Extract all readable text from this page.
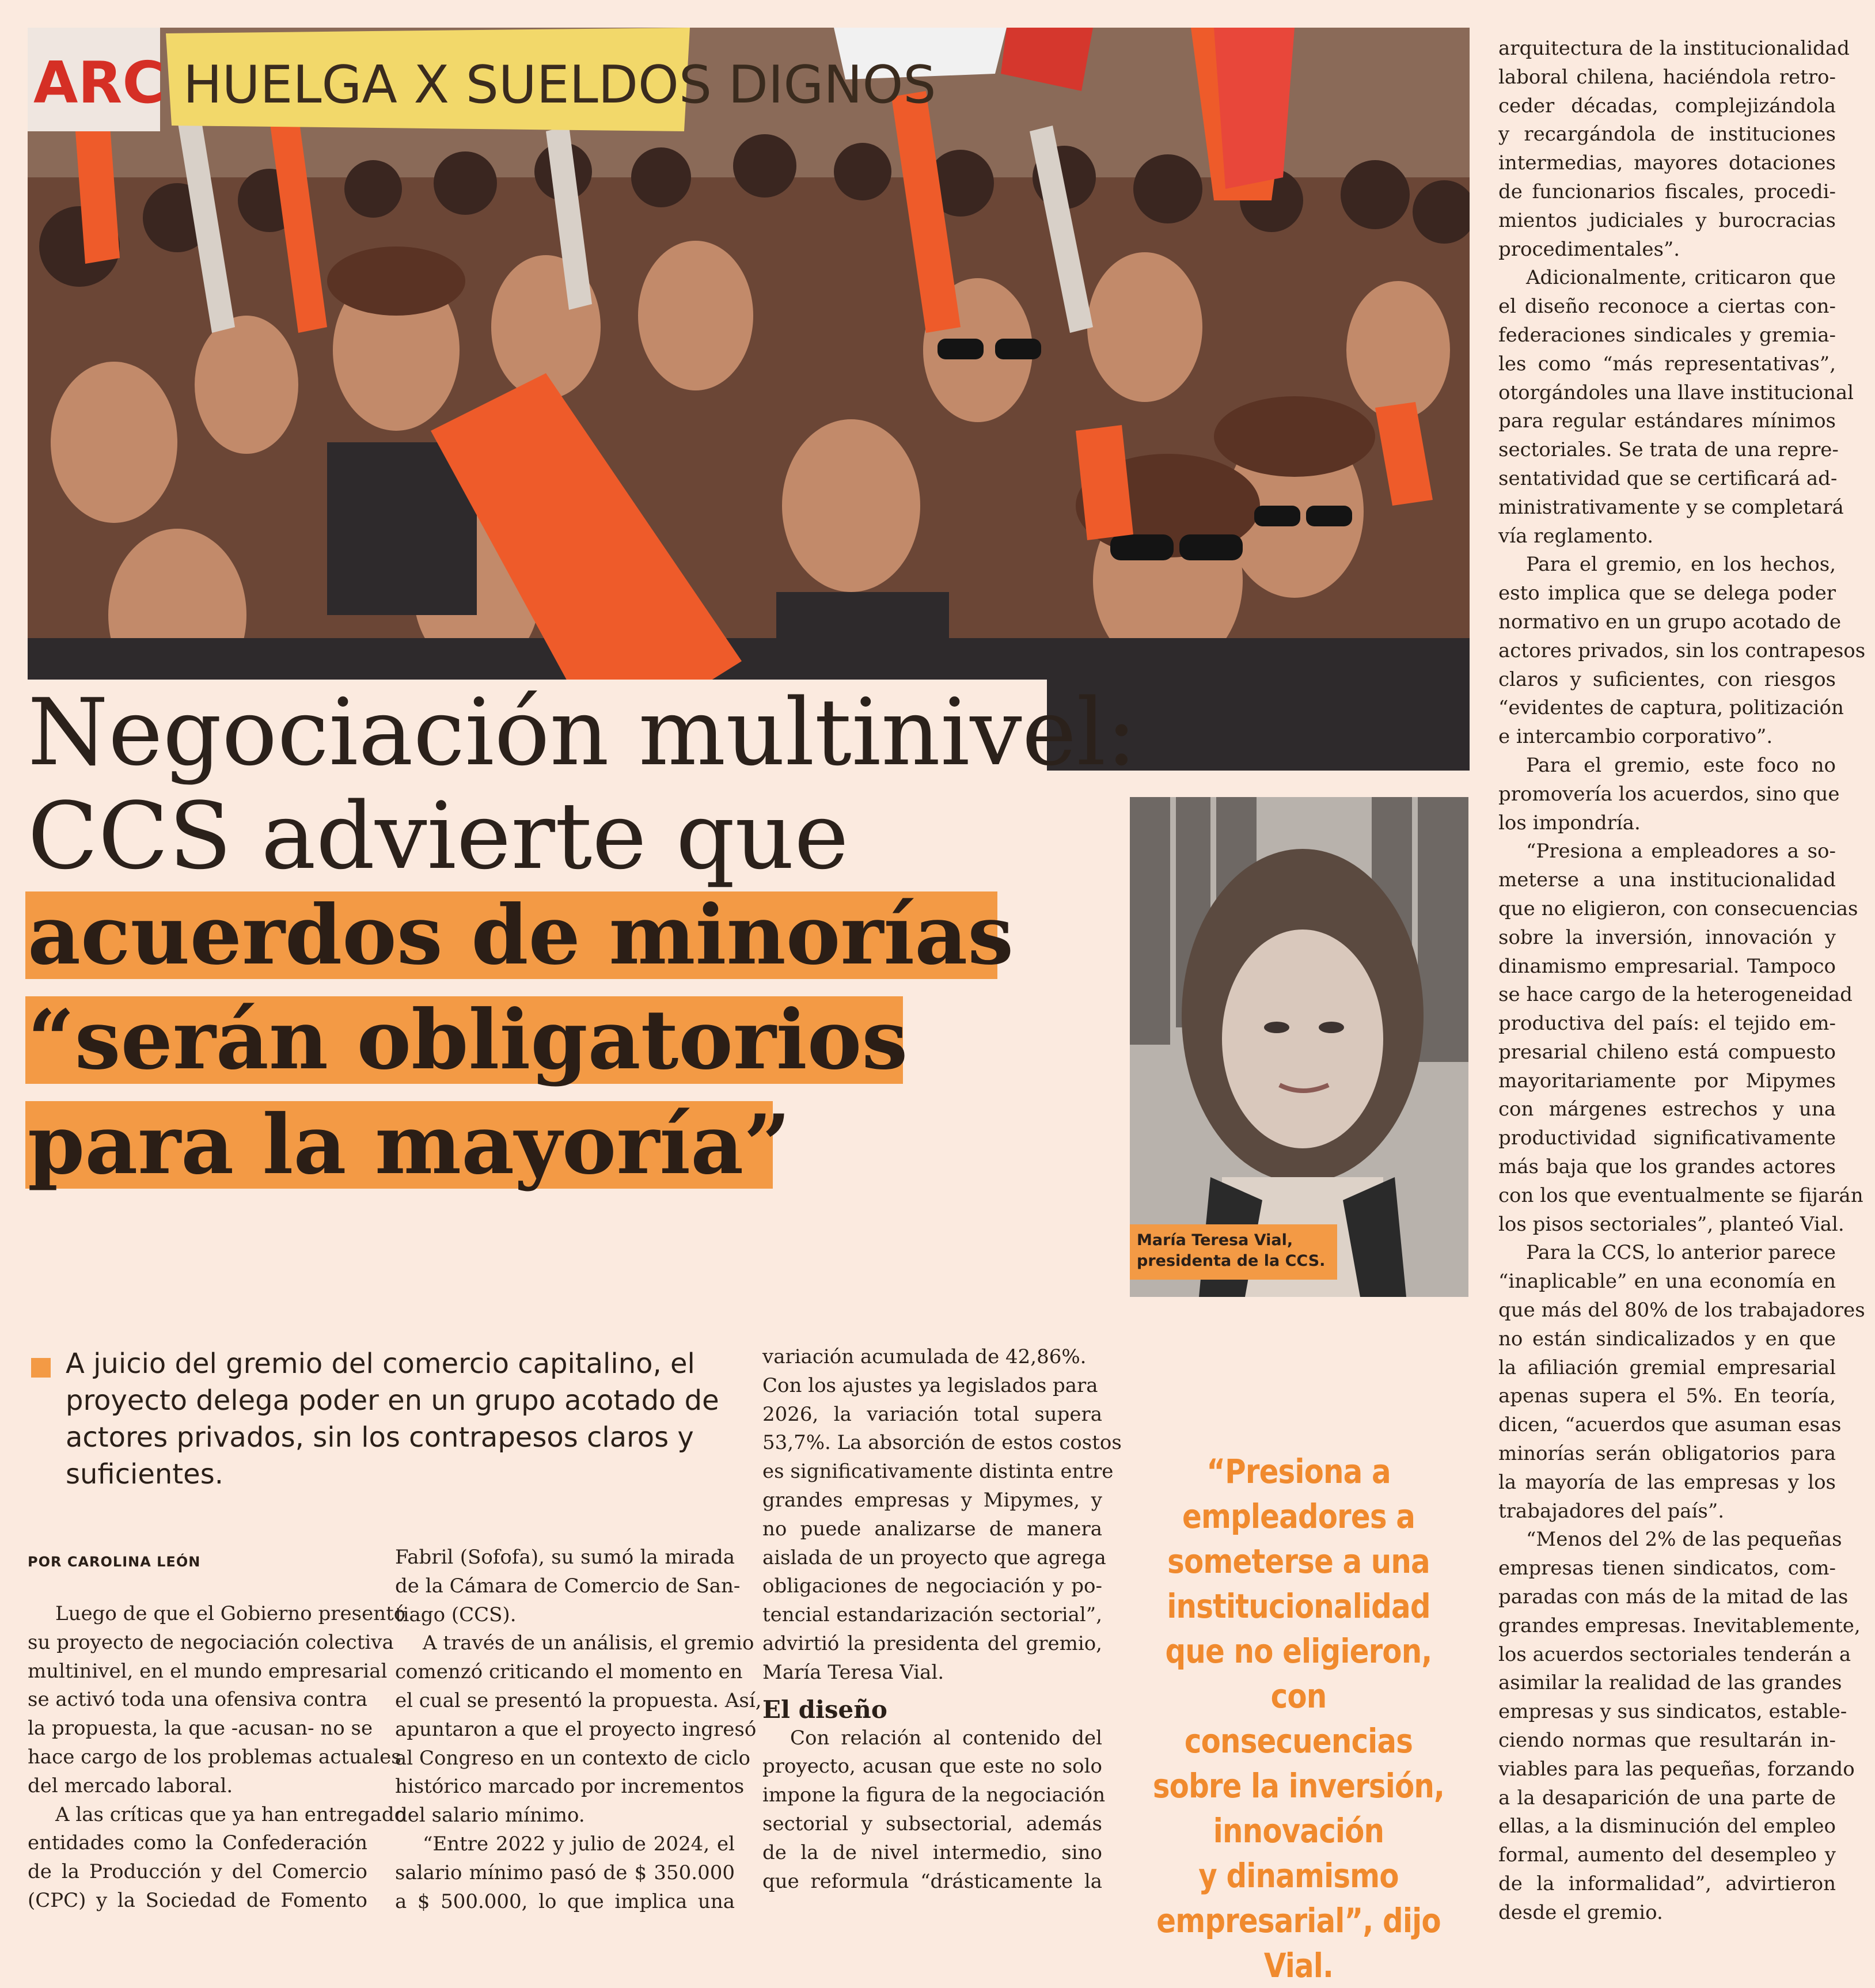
HUELGA X SUELDOS DIGNOS
ARC
Negociación multinivel:
CCS advierte que
acuerdos de minorías
“serán obligatorios
para la mayoría”
María Teresa Vial,
presidenta de la CCS.
A juicio del gremio del comercio capitalino, el proyecto delega poder en un grupo acotado de actores privados, sin los contrapesos claros y suficientes.
POR CAROLINA LEÓN
Luego de que el Gobierno presentó
su proyecto de negociación colectiva
multinivel, en el mundo empresarial
se activó toda una ofensiva contra
la propuesta, la que -acusan- no se
hace cargo de los problemas actuales
del mercado laboral.
A las críticas que ya han entregado
entidades como la Confederación
de la Producción y del Comercio
(CPC) y la Sociedad de Fomento
Fabril (Sofofa), su sumó la mirada
de la Cámara de Comercio de San-
tiago (CCS).
A través de un análisis, el gremio
comenzó criticando el momento en
el cual se presentó la propuesta. Así,
apuntaron a que el proyecto ingresó
al Congreso en un contexto de ciclo
histórico marcado por incrementos
del salario mínimo.
“Entre 2022 y julio de 2024, el
salario mínimo pasó de $ 350.000
a $ 500.000, lo que implica una
variación acumulada de 42,86%.
Con los ajustes ya legislados para
2026, la variación total supera
53,7%. La absorción de estos costos
es significativamente distinta entre
grandes empresas y Mipymes, y
no puede analizarse de manera
aislada de un proyecto que agrega
obligaciones de negociación y po-
tencial estandarización sectorial”,
advirtió la presidenta del gremio,
María Teresa Vial.
El diseño
Con relación al contenido del
proyecto, acusan que este no solo
impone la figura de la negociación
sectorial y subsectorial, además
de la de nivel intermedio, sino
que reformula “drásticamente la
arquitectura de la institucionalidad
laboral chilena, haciéndola retro-
ceder décadas, complejizándola
y recargándola de instituciones
intermedias, mayores dotaciones
de funcionarios fiscales, procedi-
mientos judiciales y burocracias
procedimentales”.
Adicionalmente, criticaron que
el diseño reconoce a ciertas con-
federaciones sindicales y gremia-
les como “más representativas”,
otorgándoles una llave institucional
para regular estándares mínimos
sectoriales. Se trata de una repre-
sentatividad que se certificará ad-
ministrativamente y se completará
vía reglamento.
Para el gremio, en los hechos,
esto implica que se delega poder
normativo en un grupo acotado de
actores privados, sin los contrapesos
claros y suficientes, con riesgos
“evidentes de captura, politización
e intercambio corporativo”.
Para el gremio, este foco no
promovería los acuerdos, sino que
los impondría.
“Presiona a empleadores a so-
meterse a una institucionalidad
que no eligieron, con consecuencias
sobre la inversión, innovación y
dinamismo empresarial. Tampoco
se hace cargo de la heterogeneidad
productiva del país: el tejido em-
presarial chileno está compuesto
mayoritariamente por Mipymes
con márgenes estrechos y una
productividad significativamente
más baja que los grandes actores
con los que eventualmente se fijarán
los pisos sectoriales”, planteó Vial.
Para la CCS, lo anterior parece
“inaplicable” en una economía en
que más del 80% de los trabajadores
no están sindicalizados y en que
la afiliación gremial empresarial
apenas supera el 5%. En teoría,
dicen, “acuerdos que asuman esas
minorías serán obligatorios para
la mayoría de las empresas y los
trabajadores del país”.
“Menos del 2% de las pequeñas
empresas tienen sindicatos, com-
paradas con más de la mitad de las
grandes empresas. Inevitablemente,
los acuerdos sectoriales tenderán a
asimilar la realidad de las grandes
empresas y sus sindicatos, estable-
ciendo normas que resultarán in-
viables para las pequeñas, forzando
a la desaparición de una parte de
ellas, a la disminución del empleo
formal, aumento del desempleo y
de la informalidad”, advirtieron
desde el gremio.
“Presiona a
empleadores a
someterse a una
institucionalidad
que no eligieron,
con consecuencias
sobre la inversión,
innovación
y dinamismo
empresarial”, dijo Vial.
